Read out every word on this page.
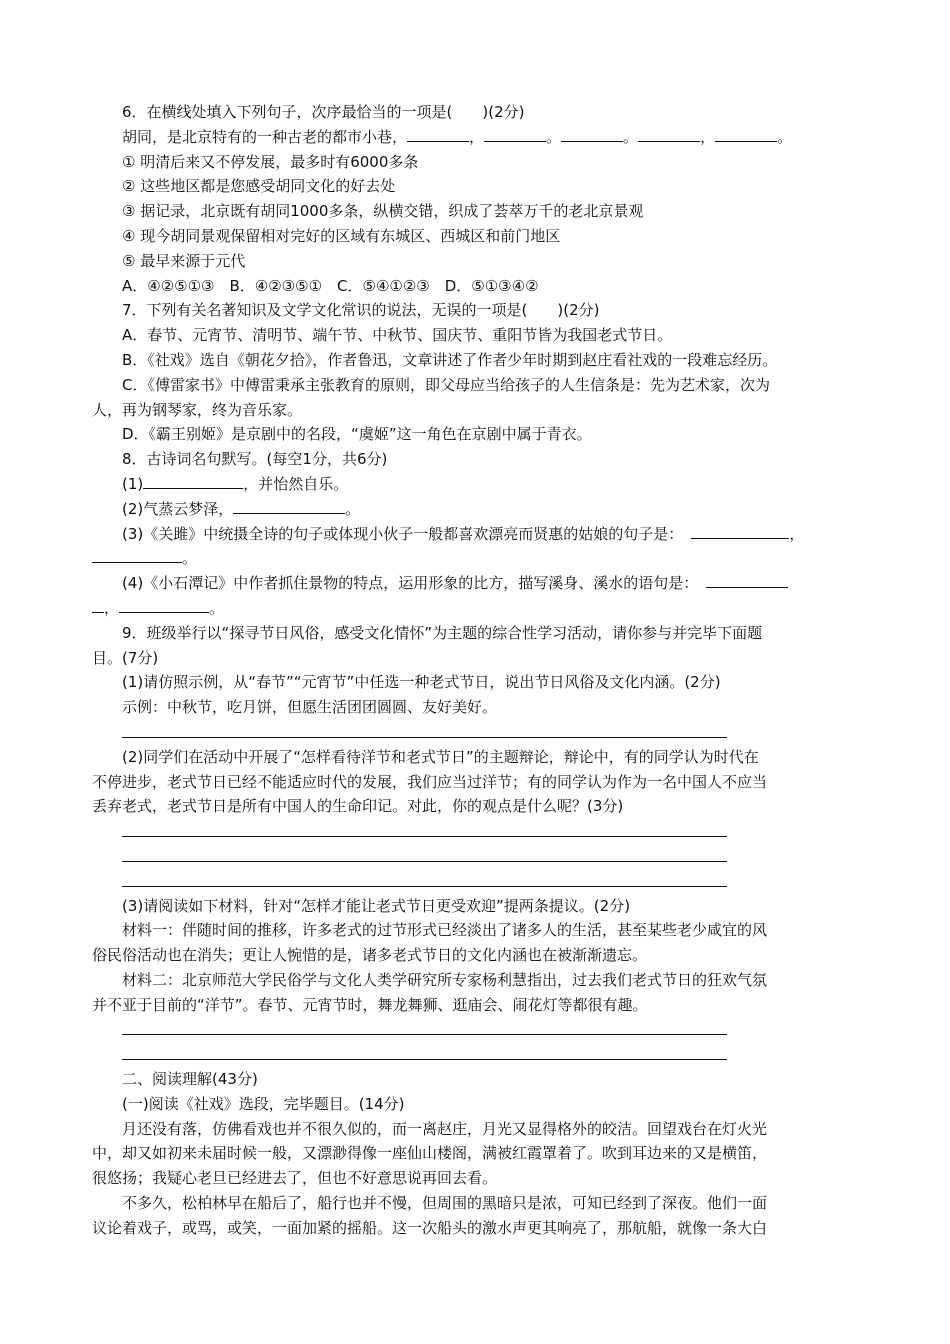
6．在横线处填入下列句子，次序最恰当的一项是(　　)(2分)
胡同，是北京特有的一种古老的都市小巷，	，	。	。	，	。
① 明清后来又不停发展，最多时有6000多条
② 这些地区都是您感受胡同文化的好去处
③ 据记录，北京既有胡同1000多条，纵横交错，织成了荟萃万千的老北京景观
④ 现今胡同景观保留相对完好的区域有东城区、西城区和前门地区
⑤ 最早来源于元代
A．④②⑤①③　B．④②③⑤①　C．⑤④①②③　D．⑤①③④②
7．下列有关名著知识及文学文化常识的说法，无误的一项是(　　)(2分)
A．春节、元宵节、清明节、端午节、中秋节、国庆节、重阳节皆为我国老式节日。
B．《社戏》选自《朝花夕拾》，作者鲁迅，文章讲述了作者少年时期到赵庄看社戏的一段难忘经历。
C．《傅雷家书》中傅雷秉承主张教育的原则，即父母应当给孩子的人生信条是：先为艺术家，次为
人，再为钢琴家，终为音乐家。
D．《霸王别姬》是京剧中的名段，“虞姬”这一角色在京剧中属于青衣。
8．古诗词名句默写。(每空1分，共6分)
(1)	，并怡然自乐。
(2)气蒸云梦泽，	。
(3)《关雎》中统摄全诗的句子或体现小伙子一般都喜欢漂亮而贤惠的姑娘的句子是：	，
。
(4)《小石潭记》中作者抓住景物的特点，运用形象的比方，描写溪身、溪水的语句是：
，	。
9．班级举行以“探寻节日风俗，感受文化情怀”为主题的综合性学习活动，请你参与并完毕下面题
目。(7分)
(1)请仿照示例，从“春节”“元宵节”中任选一种老式节日，说出节日风俗及文化内涵。(2分)
示例：中秋节，吃月饼，但愿生活团团圆圆、友好美好。
(2)同学们在活动中开展了“怎样看待洋节和老式节日”的主题辩论，辩论中，有的同学认为时代在
不停进步，老式节日已经不能适应时代的发展，我们应当过洋节；有的同学认为作为一名中国人不应当
丢弃老式，老式节日是所有中国人的生命印记。对此，你的观点是什么呢？(3分)
(3)请阅读如下材料，针对“怎样才能让老式节日更受欢迎”提两条提议。(2分)
材料一：伴随时间的推移，许多老式的过节形式已经淡出了诸多人的生活，甚至某些老少咸宜的风
俗民俗活动也在消失；更让人惋惜的是，诸多老式节日的文化内涵也在被渐渐遗忘。
材料二：北京师范大学民俗学与文化人类学研究所专家杨利慧指出，过去我们老式节日的狂欢气氛
并不亚于目前的“洋节”。春节、元宵节时，舞龙舞狮、逛庙会、闹花灯等都很有趣。
二、阅读理解(43分)
(一)阅读《社戏》选段，完毕题目。(14分)
月还没有落，仿佛看戏也并不很久似的，而一离赵庄，月光又显得格外的皎洁。回望戏台在灯火光
中，却又如初来未届时候一般，又漂渺得像一座仙山楼阁，满被红霞罩着了。吹到耳边来的又是横笛，
很悠扬；我疑心老旦已经进去了，但也不好意思说再回去看。
不多久，松柏林早在船后了，船行也并不慢，但周围的黑暗只是浓，可知已经到了深夜。他们一面
议论着戏子，或骂，或笑，一面加紧的摇船。这一次船头的激水声更其响亮了，那航船，就像一条大白
